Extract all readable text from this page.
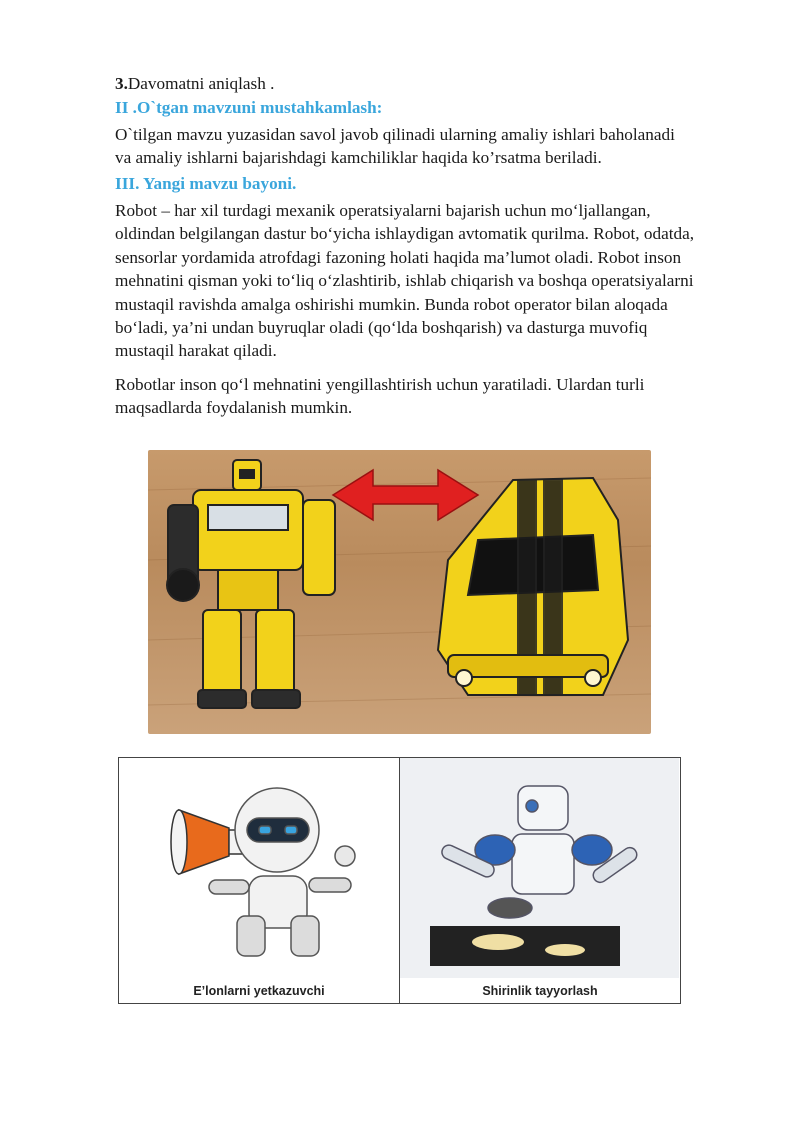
3.Davomatni aniqlash .
II .O`tgan mavzuni mustahkamlash:
O`tilgan mavzu yuzasidan savol javob qilinadi ularning amaliy ishlari baholanadi
va amaliy ishlarni bajarishdagi kamchiliklar haqida ko’rsatma beriladi.
III. Yangi mavzu bayoni.
Robot – har xil turdagi mexanik operatsiyalarni bajarish uchun mo‘ljallangan,
oldindan belgilangan dastur bo‘yicha ishlaydigan avtomatik qurilma. Robot, odatda,
sensorlar yordamida atrofdagi fazoning holati haqida ma’lumot oladi. Robot inson
mehnatini qisman yoki to‘liq o‘zlashtirib, ishlab chiqarish va boshqa operatsiyalarni
mustaqil ravishda amalga oshirishi mumkin. Bunda robot operator bilan aloqada
bo‘ladi, ya’ni undan buyruqlar oladi (qo‘lda boshqarish) va dasturga muvofiq
mustaqil harakat qiladi.
Robotlar inson qo‘l mehnatini yengillashtirish uchun yaratiladi. Ulardan turli
maqsadlarda foydalanish mumkin.
E’lonlarni yetkazuvchi	Shirinlik tayyorlash
